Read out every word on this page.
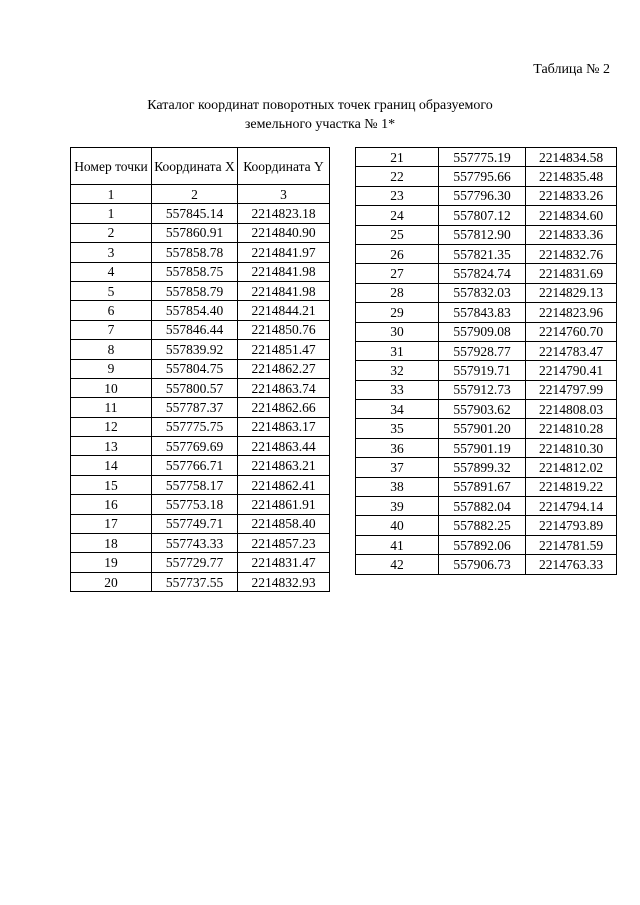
Таблица № 2
Каталог координат поворотных точек границ образуемого
земельного участка № 1*
Номер точки	Координата X	Координата Y
1	2	3
1	557845.14	2214823.18
2	557860.91	2214840.90
3	557858.78	2214841.97
4	557858.75	2214841.98
5	557858.79	2214841.98
6	557854.40	2214844.21
7	557846.44	2214850.76
8	557839.92	2214851.47
9	557804.75	2214862.27
10	557800.57	2214863.74
11	557787.37	2214862.66
12	557775.75	2214863.17
13	557769.69	2214863.44
14	557766.71	2214863.21
15	557758.17	2214862.41
16	557753.18	2214861.91
17	557749.71	2214858.40
18	557743.33	2214857.23
19	557729.77	2214831.47
20	557737.55	2214832.93
21	557775.19	2214834.58
22	557795.66	2214835.48
23	557796.30	2214833.26
24	557807.12	2214834.60
25	557812.90	2214833.36
26	557821.35	2214832.76
27	557824.74	2214831.69
28	557832.03	2214829.13
29	557843.83	2214823.96
30	557909.08	2214760.70
31	557928.77	2214783.47
32	557919.71	2214790.41
33	557912.73	2214797.99
34	557903.62	2214808.03
35	557901.20	2214810.28
36	557901.19	2214810.30
37	557899.32	2214812.02
38	557891.67	2214819.22
39	557882.04	2214794.14
40	557882.25	2214793.89
41	557892.06	2214781.59
42	557906.73	2214763.33
